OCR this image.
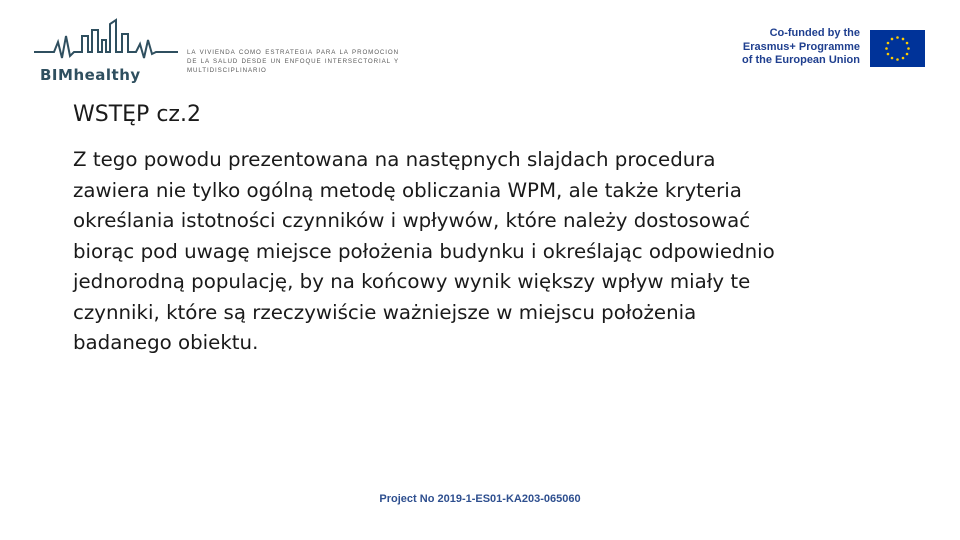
BIMhealthy
LA VIVIENDA COMO ESTRATEGIA PARA LA PROMOCION DE LA SALUD DESDE UN ENFOQUE INTERSECTORIAL Y MULTIDISCIPLINARIO
Co-funded by the
Erasmus+ Programme
of the European Union
WSTĘP cz.2
Z tego powodu prezentowana na następnych slajdach procedura
zawiera nie tylko ogólną metodę obliczania WPM, ale także kryteria
określania istotności czynników i wpływów, które należy dostosować
biorąc pod uwagę miejsce położenia budynku i określając odpowiednio
jednorodną populację, by na końcowy wynik większy wpływ miały te
czynniki, które są rzeczywiście ważniejsze w miejscu położenia
badanego obiektu.
Project No 2019-1-ES01-KA203-065060
